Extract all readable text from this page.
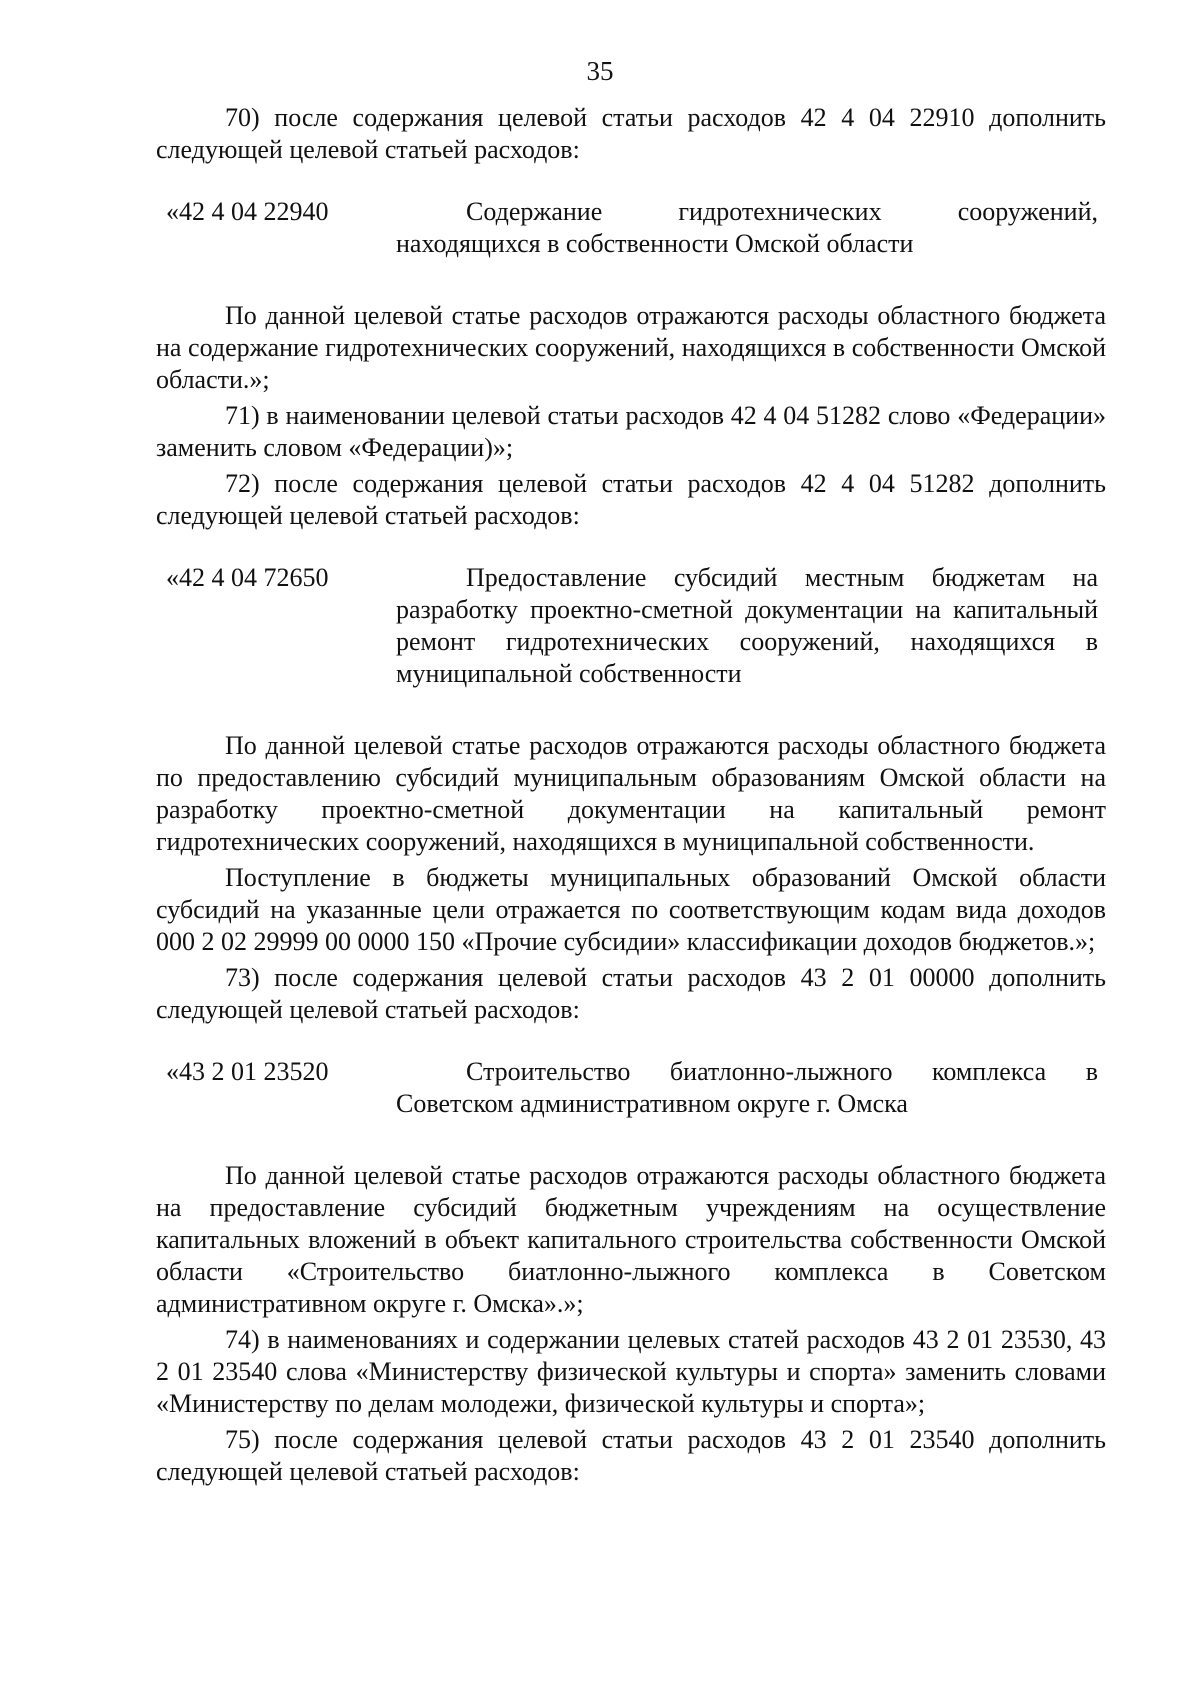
35

70) после содержания целевой статьи расходов 42 4 04 22910 дополнить следующей целевой статьей расходов:

«42 4 04 22940	Содержание гидротехнических сооружений, находящихся в собственности Омской области

По данной целевой статье расходов отражаются расходы областного бюджета на содержание гидротехнических сооружений, находящихся в собственности Омской области.»;

71) в наименовании целевой статьи расходов 42 4 04 51282 слово «Федерации» заменить словом «Федерации)»;

72) после содержания целевой статьи расходов 42 4 04 51282 дополнить следующей целевой статьей расходов:

«42 4 04 72650	Предоставление субсидий местным бюджетам на разработку проектно-сметной документации на капитальный ремонт гидротехнических сооружений, находящихся в муниципальной собственности

По данной целевой статье расходов отражаются расходы областного бюджета по предоставлению субсидий муниципальным образованиям Омской области на разработку проектно-сметной документации на капитальный ремонт гидротехнических сооружений, находящихся в муниципальной собственности.

Поступление в бюджеты муниципальных образований Омской области субсидий на указанные цели отражается по соответствующим кодам вида доходов 000 2 02 29999 00 0000 150 «Прочие субсидии» классификации доходов бюджетов.»;

73) после содержания целевой статьи расходов 43 2 01 00000 дополнить следующей целевой статьей расходов:

«43 2 01 23520	Строительство биатлонно-лыжного комплекса в Советском административном округе г. Омска

По данной целевой статье расходов отражаются расходы областного бюджета на предоставление субсидий бюджетным учреждениям на осуществление капитальных вложений в объект капитального строительства собственности Омской области «Строительство биатлонно-лыжного комплекса в Советском административном округе г. Омска».»;

74) в наименованиях и содержании целевых статей расходов 43 2 01 23530, 43 2 01 23540 слова «Министерству физической культуры и спорта» заменить словами «Министерству по делам молодежи, физической культуры и спорта»;

75) после содержания целевой статьи расходов 43 2 01 23540 дополнить следующей целевой статьей расходов:
